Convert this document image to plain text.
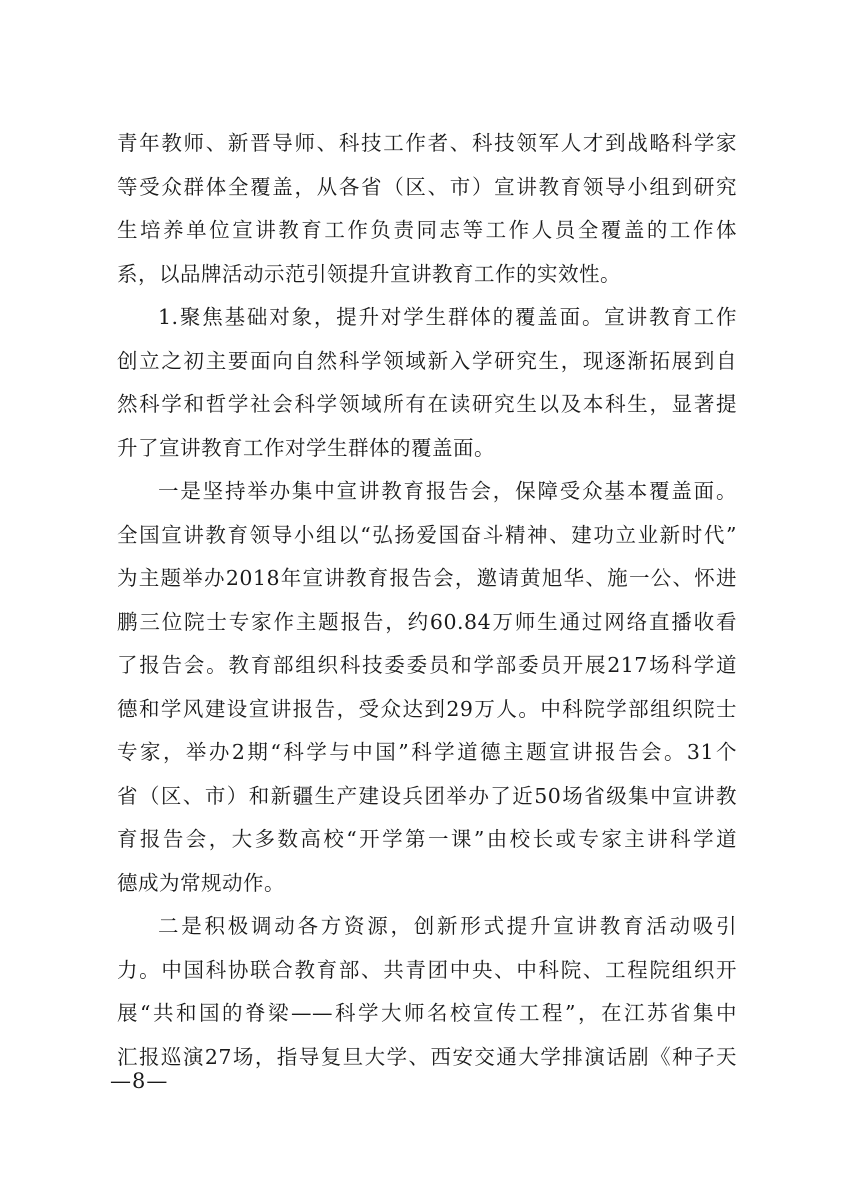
青年教师、新晋导师、科技工作者、科技领军人才到战略科学家
等受众群体全覆盖，从各省（区、市）宣讲教育领导小组到研究
生培养单位宣讲教育工作负责同志等工作人员全覆盖的工作体
系，以品牌活动示范引领提升宣讲教育工作的实效性。
1.聚焦基础对象，提升对学生群体的覆盖面。宣讲教育工作
创立之初主要面向自然科学领域新入学研究生，现逐渐拓展到自
然科学和哲学社会科学领域所有在读研究生以及本科生，显著提
升了宣讲教育工作对学生群体的覆盖面。
一是坚持举办集中宣讲教育报告会，保障受众基本覆盖面。
全国宣讲教育领导小组以“弘扬爱国奋斗精神、建功立业新时代”
为主题举办2018年宣讲教育报告会，邀请黄旭华、施一公、怀进
鹏三位院士专家作主题报告，约60.84万师生通过网络直播收看
了报告会。教育部组织科技委委员和学部委员开展217场科学道
德和学风建设宣讲报告，受众达到29万人。中科院学部组织院士
专家，举办2期“科学与中国”科学道德主题宣讲报告会。31个
省（区、市）和新疆生产建设兵团举办了近50场省级集中宣讲教
育报告会，大多数高校“开学第一课”由校长或专家主讲科学道
德成为常规动作。
二是积极调动各方资源，创新形式提升宣讲教育活动吸引
力。中国科协联合教育部、共青团中央、中科院、工程院组织开
展“共和国的脊梁——科学大师名校宣传工程”，在江苏省集中
汇报巡演27场，指导复旦大学、西安交通大学排演话剧《种子天
—8—
